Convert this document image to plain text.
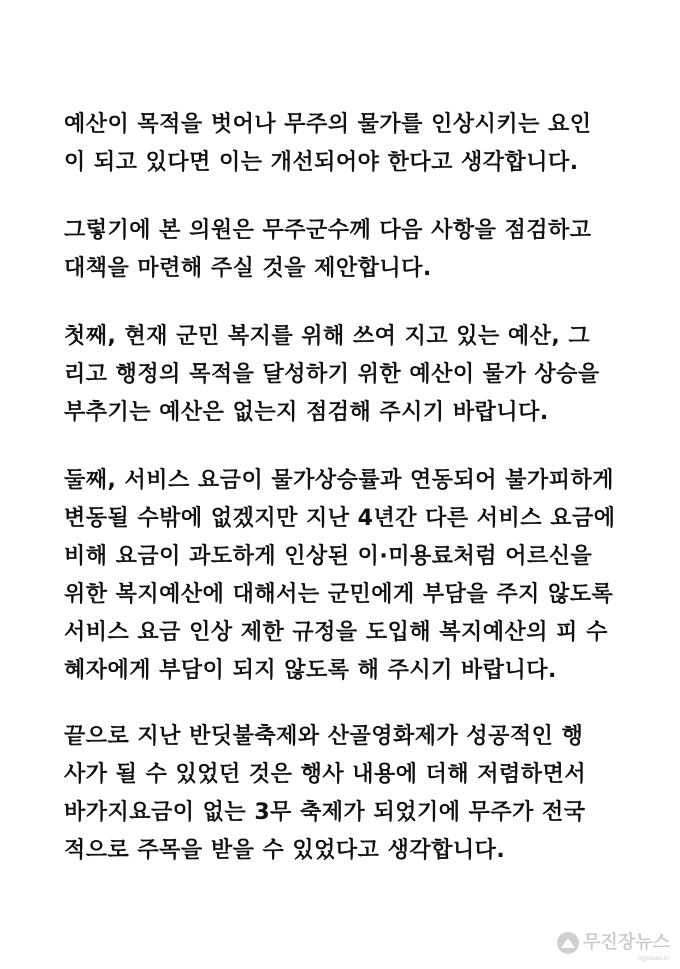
예산이 목적을 벗어나 무주의 물가를 인상시키는 요인
이 되고 있다면 이는 개선되어야 한다고 생각합니다.
그렇기에 본 의원은 무주군수께 다음 사항을 점검하고
대책을 마련해 주실 것을 제안합니다.
첫째, 현재 군민 복지를 위해 쓰여 지고 있는 예산, 그
리고 행정의 목적을 달성하기 위한 예산이 물가 상승을
부추기는 예산은 없는지 점검해 주시기 바랍니다.
둘째, 서비스 요금이 물가상승률과 연동되어 불가피하게
변동될 수밖에 없겠지만 지난 4년간 다른 서비스 요금에
비해 요금이 과도하게 인상된 이·미용료처럼 어르신을
위한 복지예산에 대해서는 군민에게 부담을 주지 않도록
서비스 요금 인상 제한 규정을 도입해 복지예산의 피 수
혜자에게 부담이 되지 않도록 해 주시기 바랍니다.
끝으로 지난 반딧불축제와 산골영화제가 성공적인 행
사가 될 수 있었던 것은 행사 내용에 더해 저렴하면서
바가지요금이 없는 3무 축제가 되었기에 무주가 전국
적으로 주목을 받을 수 있었다고 생각합니다.
무진장뉴스
mjjnews.kr
